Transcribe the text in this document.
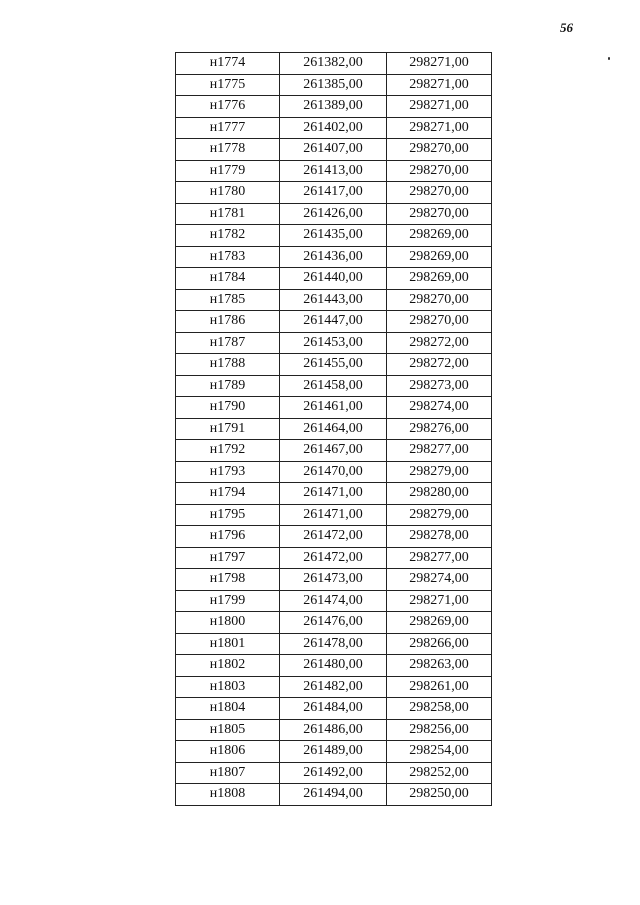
56
н1774	261382,00	298271,00
н1775	261385,00	298271,00
н1776	261389,00	298271,00
н1777	261402,00	298271,00
н1778	261407,00	298270,00
н1779	261413,00	298270,00
н1780	261417,00	298270,00
н1781	261426,00	298270,00
н1782	261435,00	298269,00
н1783	261436,00	298269,00
н1784	261440,00	298269,00
н1785	261443,00	298270,00
н1786	261447,00	298270,00
н1787	261453,00	298272,00
н1788	261455,00	298272,00
н1789	261458,00	298273,00
н1790	261461,00	298274,00
н1791	261464,00	298276,00
н1792	261467,00	298277,00
н1793	261470,00	298279,00
н1794	261471,00	298280,00
н1795	261471,00	298279,00
н1796	261472,00	298278,00
н1797	261472,00	298277,00
н1798	261473,00	298274,00
н1799	261474,00	298271,00
н1800	261476,00	298269,00
н1801	261478,00	298266,00
н1802	261480,00	298263,00
н1803	261482,00	298261,00
н1804	261484,00	298258,00
н1805	261486,00	298256,00
н1806	261489,00	298254,00
н1807	261492,00	298252,00
н1808	261494,00	298250,00
